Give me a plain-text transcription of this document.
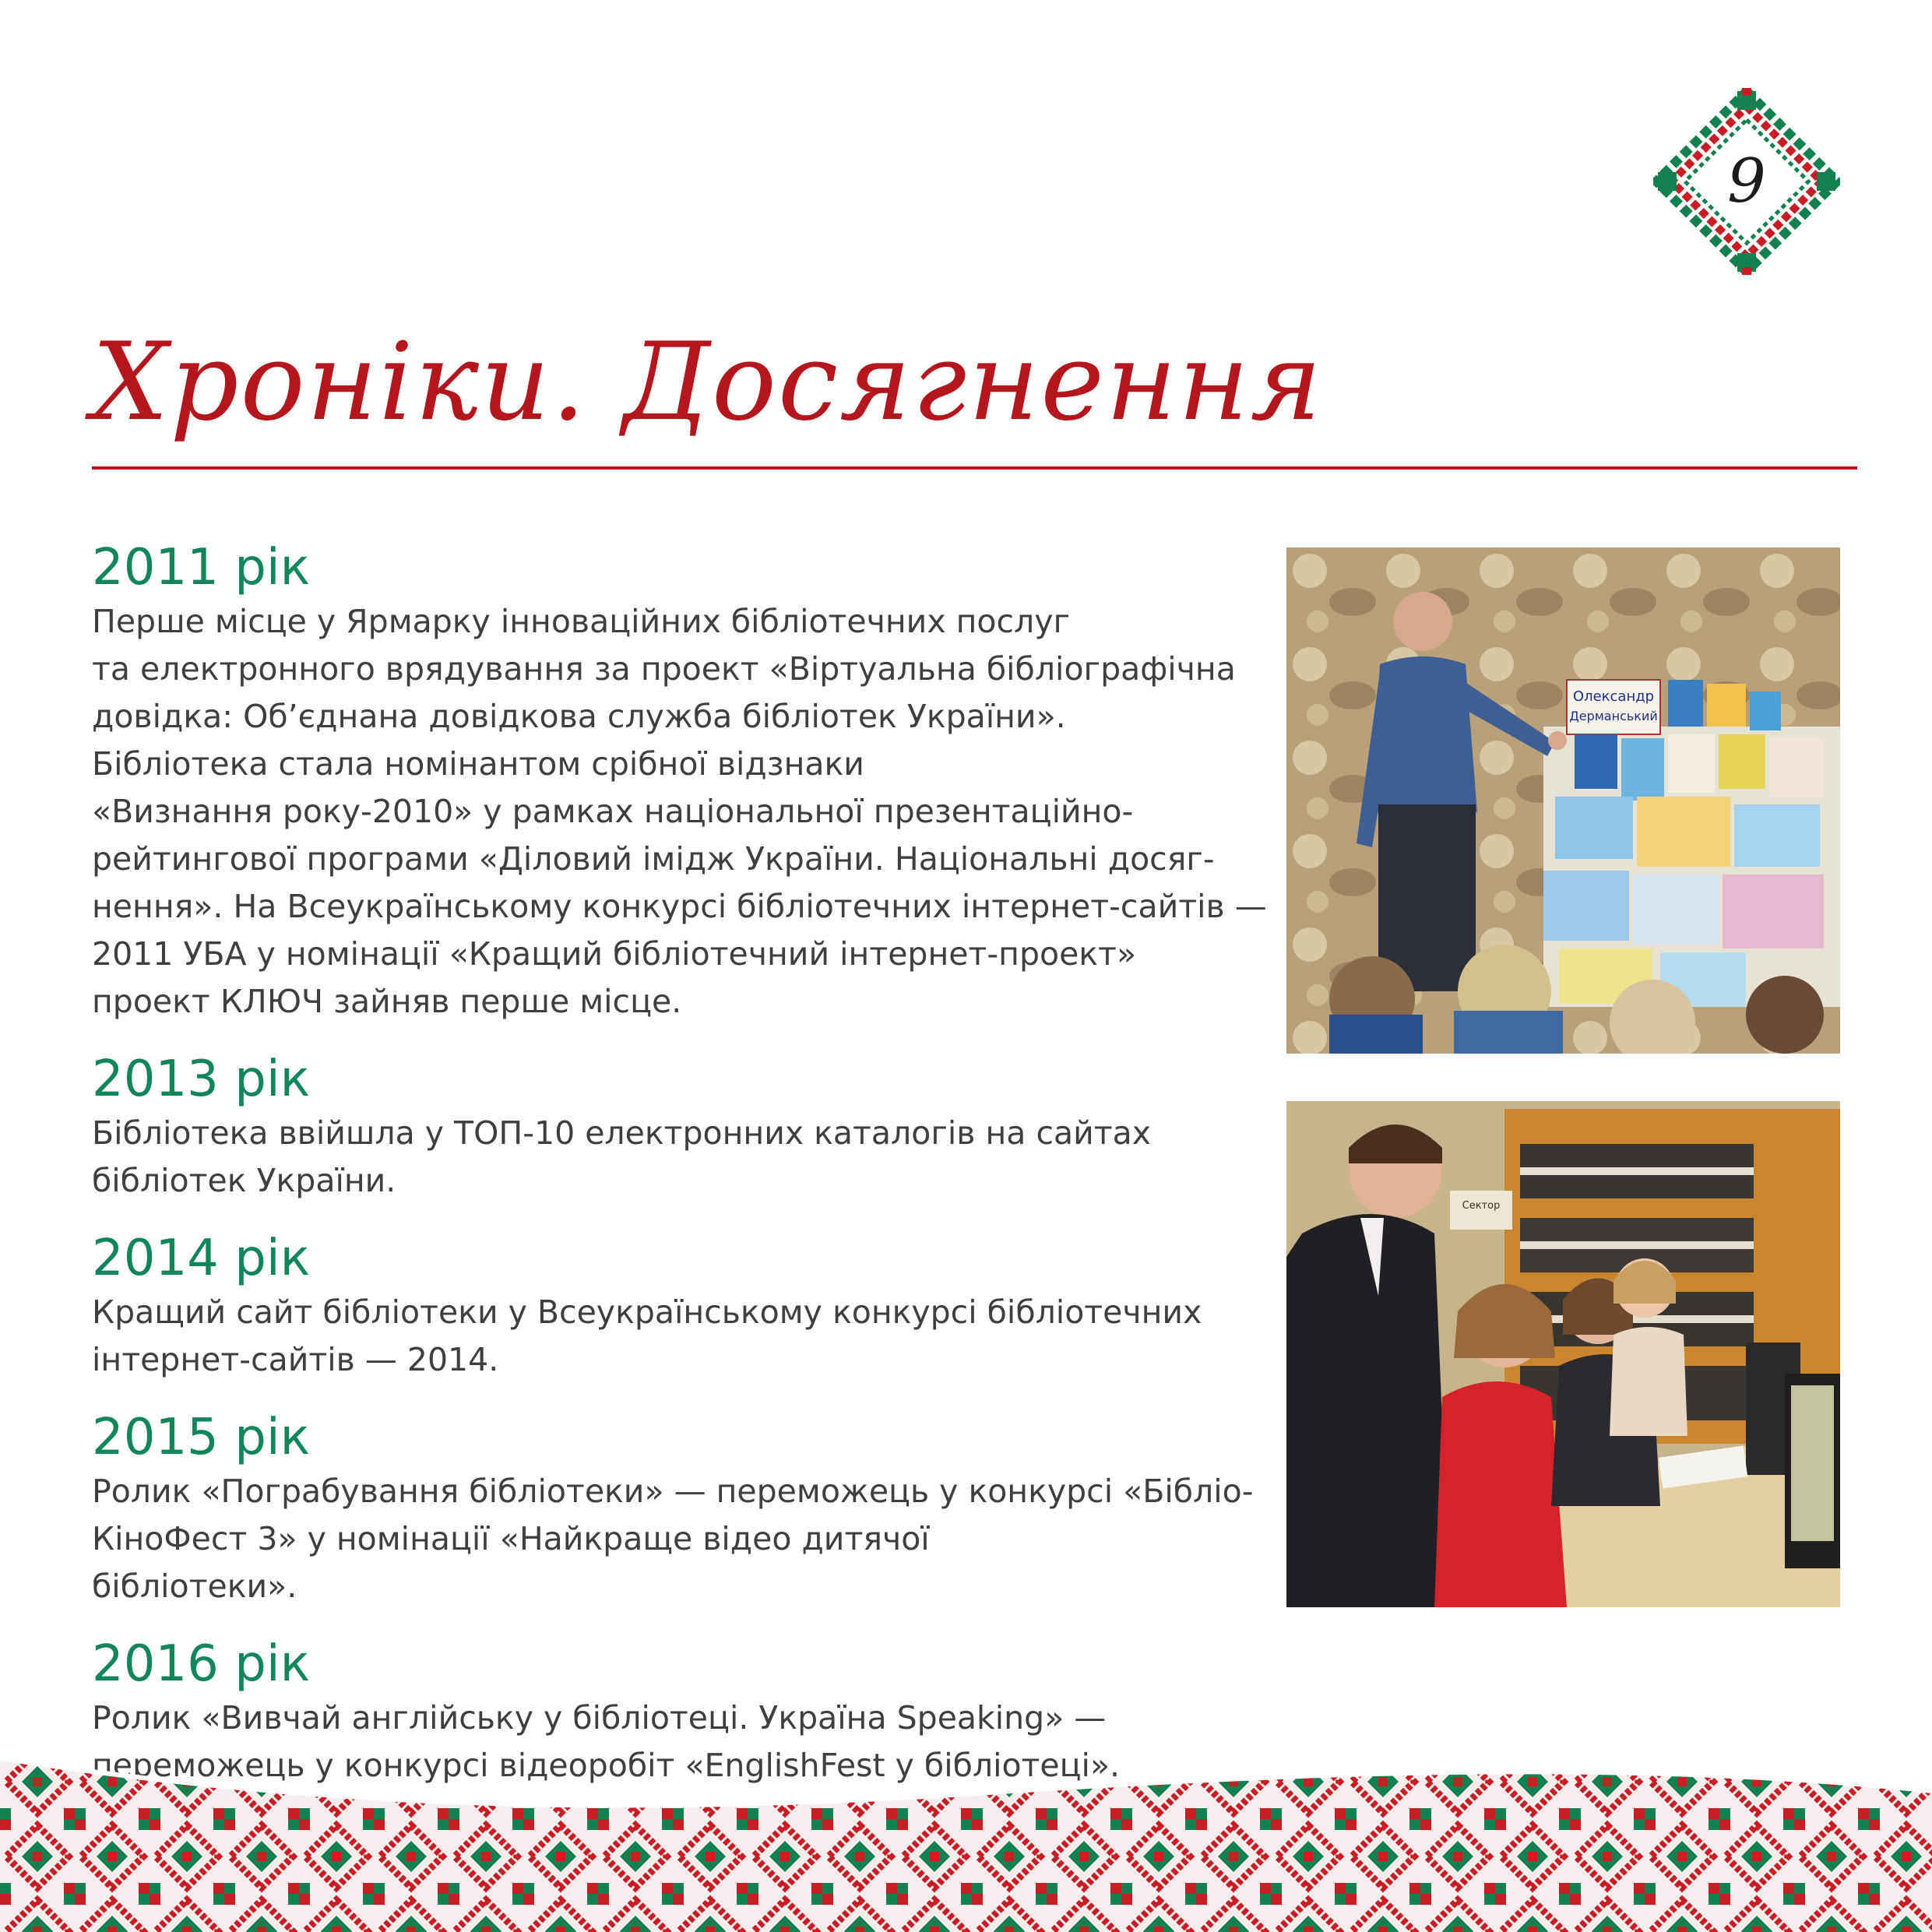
9
Хроніки. Досягнення
2011 рік

Перше місце у Ярмарку інноваційних бібліотечних послуг
та електронного врядування за проект «Віртуальна бібліографічна
довідка: Об’єднана довідкова служба бібліотек України».
Бібліотека стала номінантом срібної відзнаки
«Визнання року-2010» у рамках національної презентаційно-
рейтингової програми «Діловий імідж України. Національні досяг-
нення». На Всеукраїнському конкурсі бібліотечних інтернет-сайтів —
2011 УБА у номінації «Кращий бібліотечний інтернет-проект»
проект КЛЮЧ зайняв перше місце.

2013 рік

Бібліотека ввійшла у ТОП-10 електронних каталогів на сайтах
бібліотек України.

2014 рік

Кращий сайт бібліотеки у Всеукраїнському конкурсі бібліотечних
інтернет-сайтів — 2014.

2015 рік

Ролик «Пограбування бібліотеки» — переможець у конкурсі «Бібліо-
КіноФест 3» у номінації «Найкраще відео дитячої
бібліотеки».

2016 рік

Ролик «Вивчай англійську у бібліотеці. Україна Speaking» —
переможець у конкурсі відеоробіт «EnglishFest у бібліотеці».

Олександр
Дерманський
Сектор
